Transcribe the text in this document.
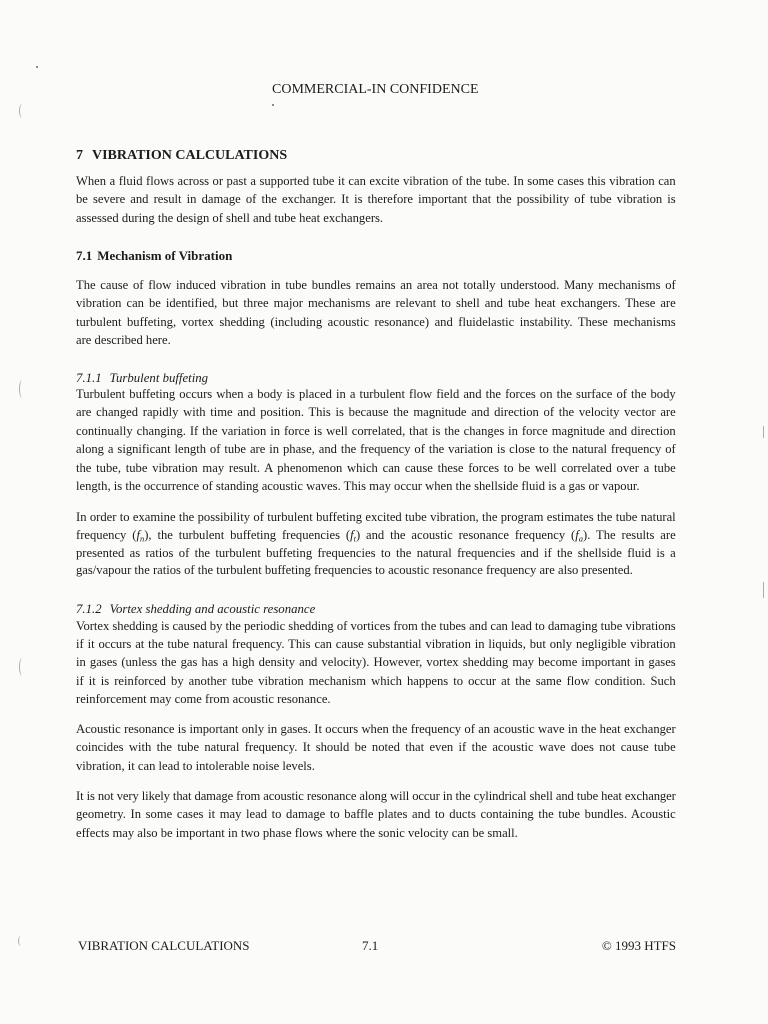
COMMERCIAL-IN CONFIDENCE
7 VIBRATION CALCULATIONS
When a fluid flows across or past a supported tube it can excite vibration of the tube. In some cases this vibration can
be severe and result in damage of the exchanger. It is therefore important that the possibility of tube vibration is
assessed during the design of shell and tube heat exchangers.
7.1 Mechanism of Vibration
The cause of flow induced vibration in tube bundles remains an area not totally understood. Many mechanisms of
vibration can be identified, but three major mechanisms are relevant to shell and tube heat exchangers. These are
turbulent buffeting, vortex shedding (including acoustic resonance) and fluidelastic instability. These mechanisms
are described here.
7.1.1 Turbulent buffeting
Turbulent buffeting occurs when a body is placed in a turbulent flow field and the forces on the surface of the body
are changed rapidly with time and position. This is because the magnitude and direction of the velocity vector are
continually changing. If the variation in force is well correlated, that is the changes in force magnitude and direction
along a significant length of tube are in phase, and the frequency of the variation is close to the natural frequency of
the tube, tube vibration may result. A phenomenon which can cause these forces to be well correlated over a tube
length, is the occurrence of standing acoustic waves. This may occur when the shellside fluid is a gas or vapour.
In order to examine the possibility of turbulent buffeting excited tube vibration, the program estimates the tube natural
frequency $(f_n)$, the turbulent buffeting frequencies $(f_t)$ and the acoustic resonance frequency $(f_a)$. The results are
presented as ratios of the turbulent buffeting frequencies to the natural frequencies and if the shellside fluid is a
gas/vapour the ratios of the turbulent buffeting frequencies to acoustic resonance frequency are also presented.
7.1.2 Vortex shedding and acoustic resonance
Vortex shedding is caused by the periodic shedding of vortices from the tubes and can lead to damaging tube vibrations
if it occurs at the tube natural frequency. This can cause substantial vibration in liquids, but only negligible vibration
in gases (unless the gas has a high density and velocity). However, vortex shedding may become important in gases
if it is reinforced by another tube vibration mechanism which happens to occur at the same flow condition. Such
reinforcement may come from acoustic resonance.
Acoustic resonance is important only in gases. It occurs when the frequency of an acoustic wave in the heat exchanger
coincides with the tube natural frequency. It should be noted that even if the acoustic wave does not cause tube
vibration, it can lead to intolerable noise levels.
It is not very likely that damage from acoustic resonance along will occur in the cylindrical shell and tube heat exchanger
geometry. In some cases it may lead to damage to baffle plates and to ducts containing the tube bundles. Acoustic
effects may also be important in two phase flows where the sonic velocity can be small.
VIBRATION CALCULATIONS	7.1	© 1993 HTFS
